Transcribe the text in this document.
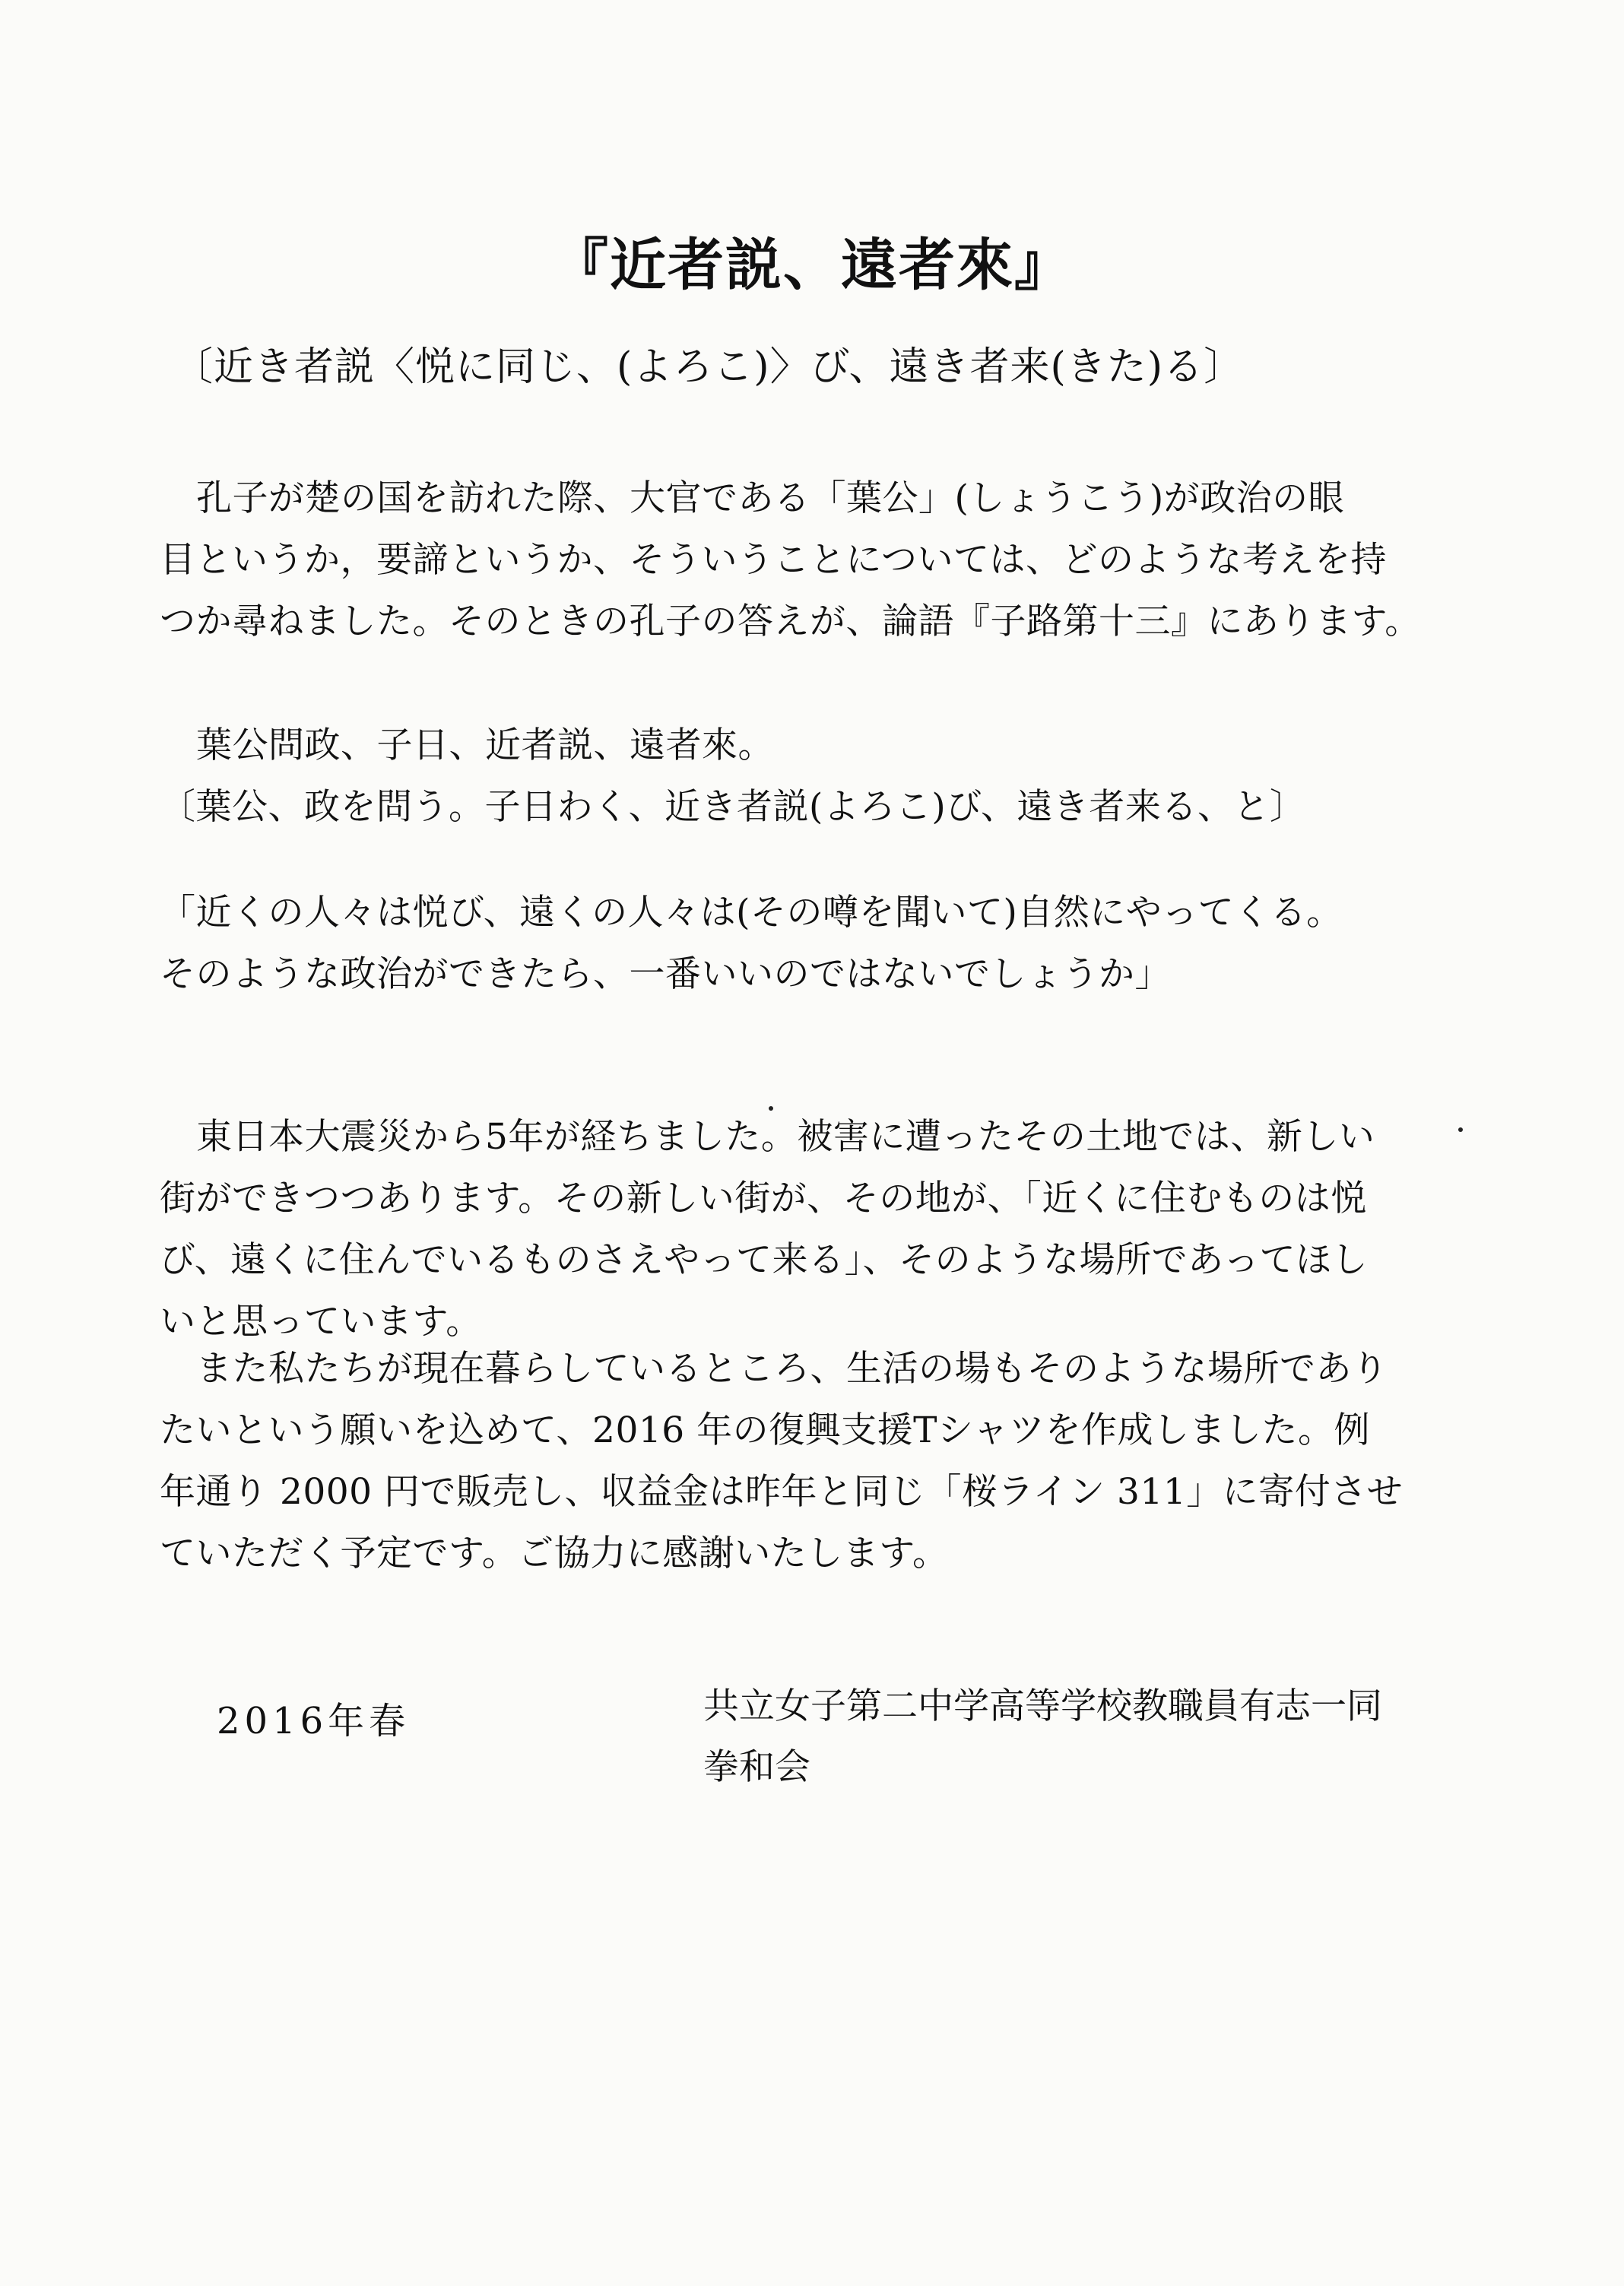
『近者説、遠者來』
〔近き者説〈悦に同じ、(よろこ)〉び、遠き者来(きた)る〕
孔子が楚の国を訪れた際、大官である「葉公」(しょうこう)が政治の眼
目というか，要諦というか、そういうことについては、どのような考えを持
つか尋ねました。そのときの孔子の答えが、論語『子路第十三』にあります。
葉公問政、子日、近者説、遠者來。
〔葉公、政を問う。子日わく、近き者説(よろこ)び、遠き者来る、と〕
「近くの人々は悦び、遠くの人々は(その噂を聞いて)自然にやってくる。
そのような政治ができたら、一番いいのではないでしょうか」
東日本大震災から5年が経ちました。被害に遭ったその土地では、新しい
街ができつつあります。その新しい街が、その地が、「近くに住むものは悦
び、遠くに住んでいるものさえやって来る」、そのような場所であってほし
いと思っています。
また私たちが現在暮らしているところ、生活の場もそのような場所であり
たいという願いを込めて、2016 年の復興支援Tシャツを作成しました。例
年通り 2000 円で販売し、収益金は昨年と同じ「桜ライン 311」に寄付させ
ていただく予定です。ご協力に感謝いたします。
2016年春	共立女子第二中学高等学校教職員有志一同
拳和会
